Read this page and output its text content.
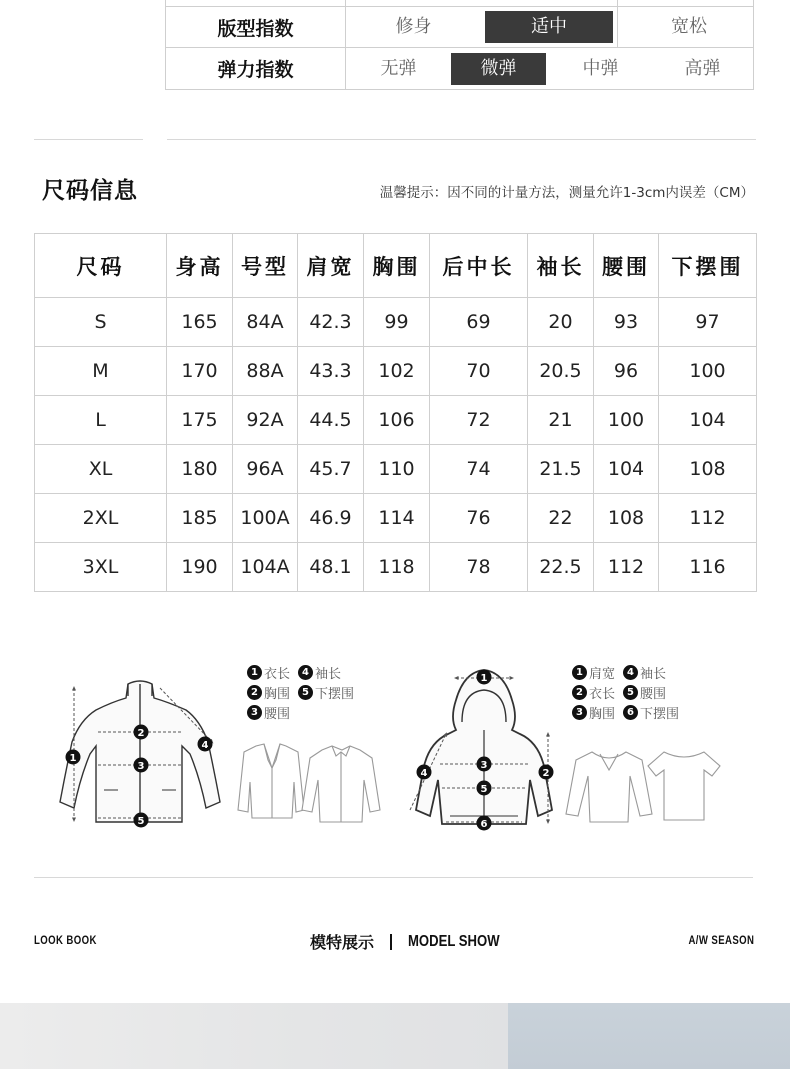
版型指数	修身	适中	宽松
弹力指数	无弹	微弹	中弹	高弹
尺码信息	温馨提示：因不同的计量方法，测量允许1-3cm内误差（CM）
尺码	身高	号型	肩宽	胸围	后中长	袖长	腰围	下摆围
S	165	84A	42.3	99	69	20	93	97
M	170	88A	43.3	102	70	20.5	96	100
L	175	92A	44.5	106	72	21	100	104
XL	180	96A	45.7	110	74	21.5	104	108
2XL	185	100A	46.9	114	76	22	108	112
3XL	190	104A	48.1	118	78	22.5	112	116
1
2
3
4
5
1
2
3
4
5
6
1 衣长	4 袖长
2 胸围	5 下摆围
3 腰围
1 肩宽	4 袖长
2 衣长	5 腰围
3 胸围	6 下摆围
LOOK BOOK	模特展示 MODEL SHOW	A/W SEASON
